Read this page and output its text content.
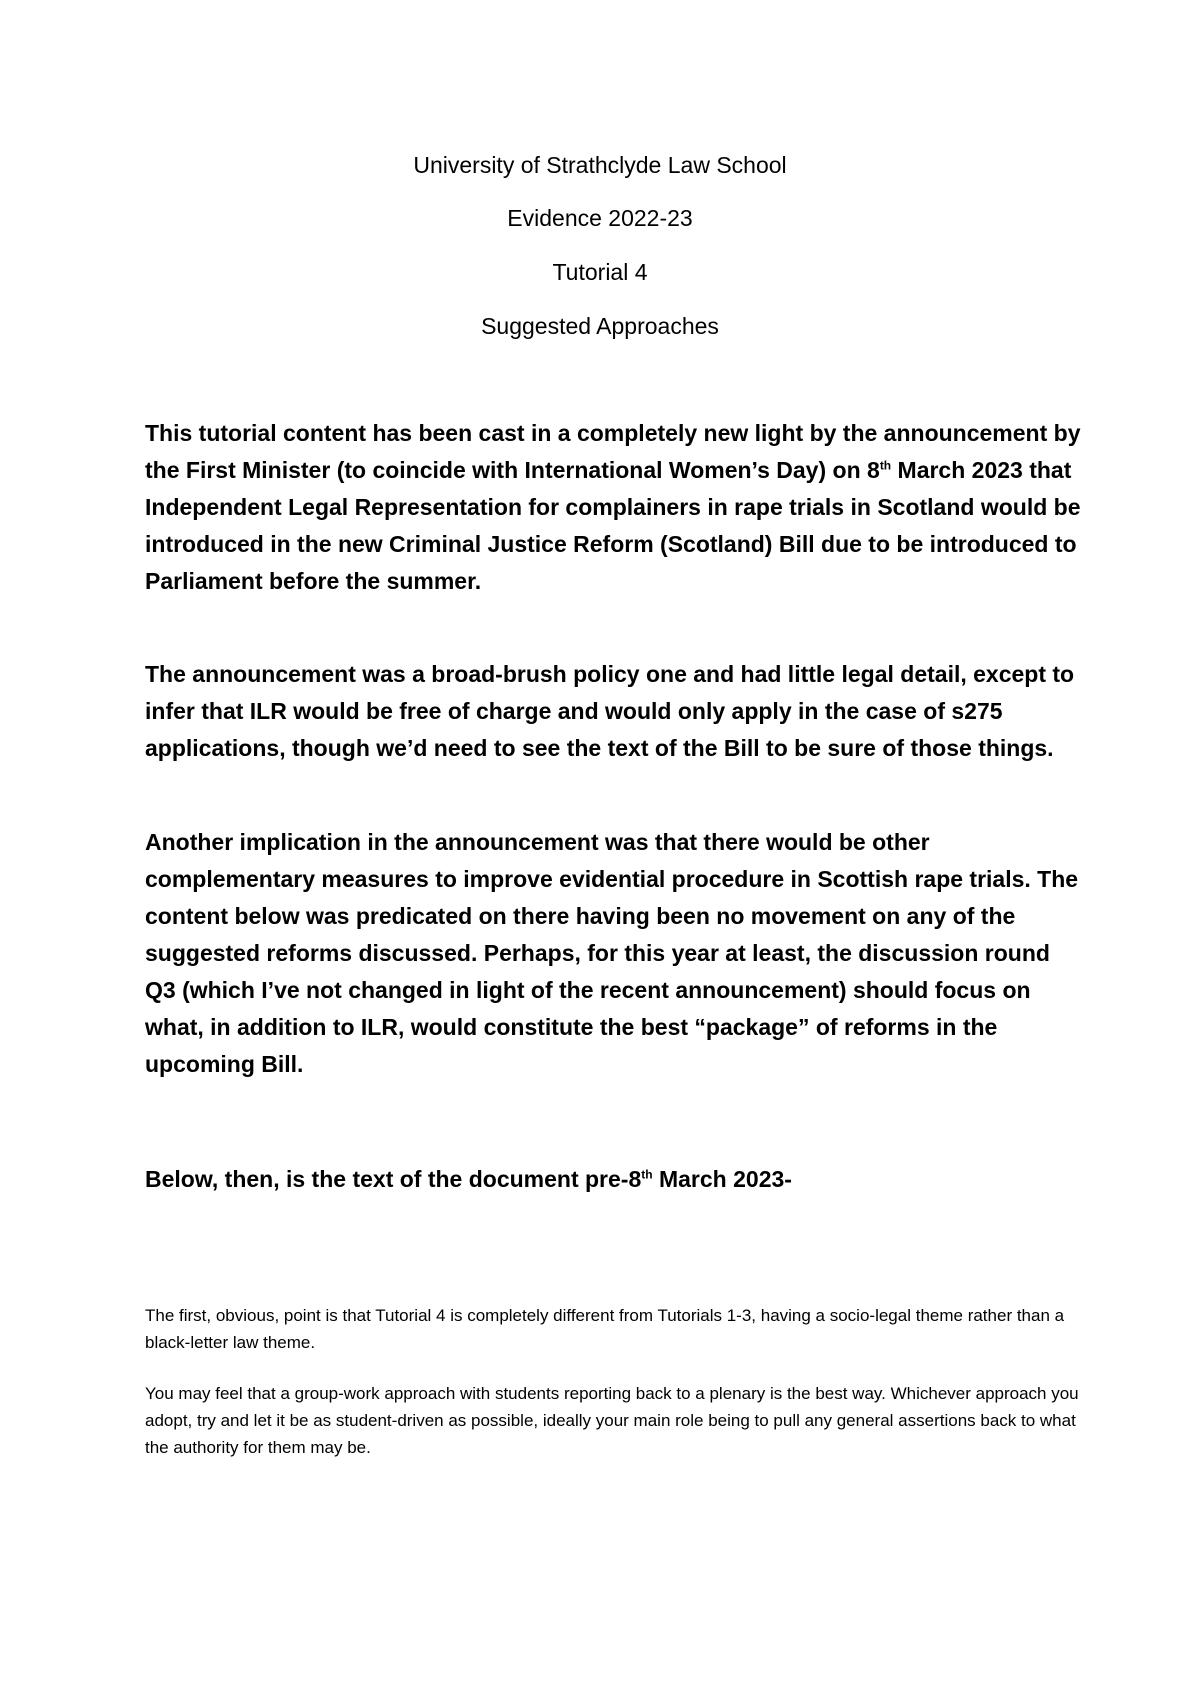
University of Strathclyde Law School

Evidence 2022-23

Tutorial 4

Suggested Approaches

This tutorial content has been cast in a completely new light by the announcement by the First Minister (to coincide with International Women’s Day) on 8th March 2023 that Independent Legal Representation for complainers in rape trials in Scotland would be introduced in the new Criminal Justice Reform (Scotland) Bill due to be introduced to Parliament before the summer.

The announcement was a broad-brush policy one and had little legal detail, except to infer that ILR would be free of charge and would only apply in the case of s275 applications, though we’d need to see the text of the Bill to be sure of those things.

Another implication in the announcement was that there would be other complementary measures to improve evidential procedure in Scottish rape trials. The content below was predicated on there having been no movement on any of the suggested reforms discussed. Perhaps, for this year at least, the discussion round Q3 (which I’ve not changed in light of the recent announcement) should focus on what, in addition to ILR, would constitute the best “package” of reforms in the upcoming Bill.

Below, then, is the text of the document pre-8th March 2023-

The first, obvious, point is that Tutorial 4 is completely different from Tutorials 1-3, having a socio-legal theme rather than a black-letter law theme.

You may feel that a group-work approach with students reporting back to a plenary is the best way. Whichever approach you adopt, try and let it be as student-driven as possible, ideally your main role being to pull any general assertions back to what the authority for them may be.
